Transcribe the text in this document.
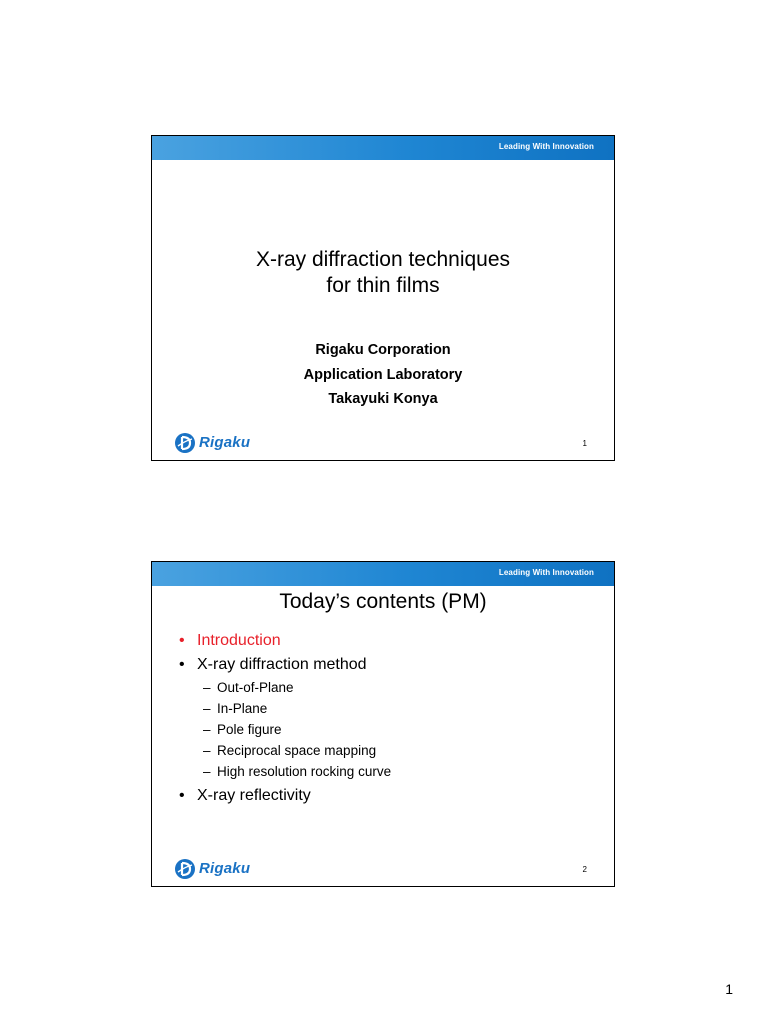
Leading With Innovation
X-ray diffraction techniques
for thin films
Rigaku Corporation
Application Laboratory
Takayuki Konya
Rigaku	1
Leading With Innovation
Today’s contents (PM)
• Introduction
• X-ray diffraction method
– Out-of-Plane
– In-Plane
– Pole figure
– Reciprocal space mapping
– High resolution rocking curve
• X-ray reflectivity
Rigaku	2
1
